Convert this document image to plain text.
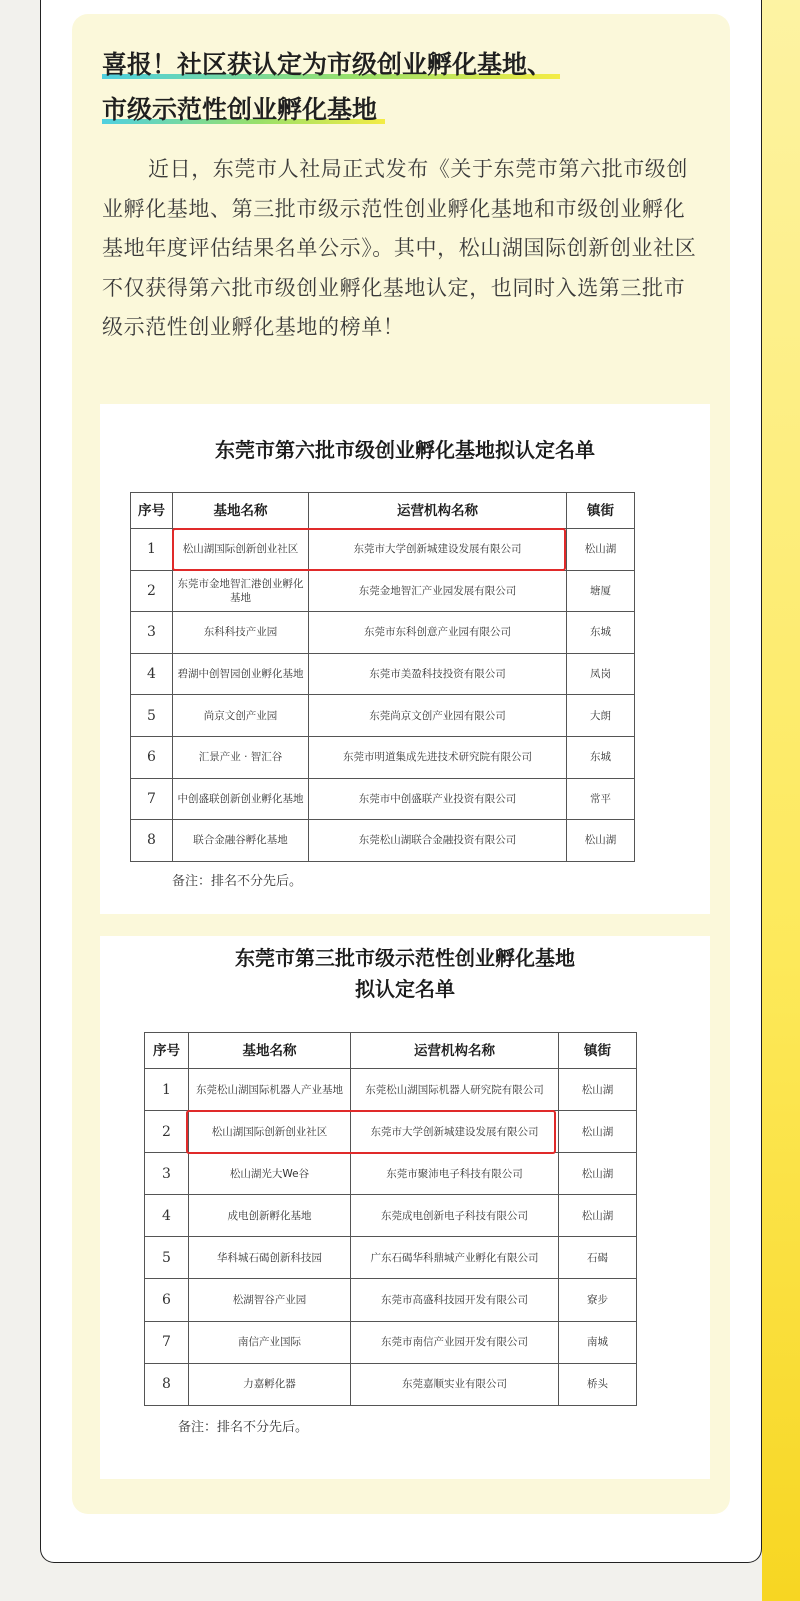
喜报！社区获认定为市级创业孵化基地、
市级示范性创业孵化基地

近日，东莞市人社局正式发布《关于东莞市第六批市级创业孵化基地、第三批市级示范性创业孵化基地和市级创业孵化基地年度评估结果名单公示》。其中，松山湖国际创新创业社区不仅获得第六批市级创业孵化基地认定，也同时入选第三批市级示范性创业孵化基地的榜单！

东莞市第六批市级创业孵化基地拟认定名单
序号	基地名称	运营机构名称	镇街
1	松山湖国际创新创业社区	东莞市大学创新城建设发展有限公司	松山湖
2	东莞市金地智汇港创业孵化基地	东莞金地智汇产业园发展有限公司	塘厦
3	东科科技产业园	东莞市东科创意产业园有限公司	东城
4	碧湖中创智园创业孵化基地	东莞市美盈科技投资有限公司	凤岗
5	尚京文创产业园	东莞尚京文创产业园有限公司	大朗
6	汇景产业 · 智汇谷	东莞市明道集成先进技术研究院有限公司	东城
7	中创盛联创新创业孵化基地	东莞市中创盛联产业投资有限公司	常平
8	联合金融谷孵化基地	东莞松山湖联合金融投资有限公司	松山湖
备注：排名不分先后。
东莞市第三批市级示范性创业孵化基地
拟认定名单
序号	基地名称	运营机构名称	镇街
1	东莞松山湖国际机器人产业基地	东莞松山湖国际机器人研究院有限公司	松山湖
2	松山湖国际创新创业社区	东莞市大学创新城建设发展有限公司	松山湖
3	松山湖光大We谷	东莞市聚沛电子科技有限公司	松山湖
4	成电创新孵化基地	东莞成电创新电子科技有限公司	松山湖
5	华科城石碣创新科技园	广东石碣华科鼎城产业孵化有限公司	石碣
6	松湖智谷产业园	东莞市高盛科技园开发有限公司	寮步
7	南信产业国际	东莞市南信产业园开发有限公司	南城
8	力嘉孵化器	东莞嘉顺实业有限公司	桥头
备注：排名不分先后。
